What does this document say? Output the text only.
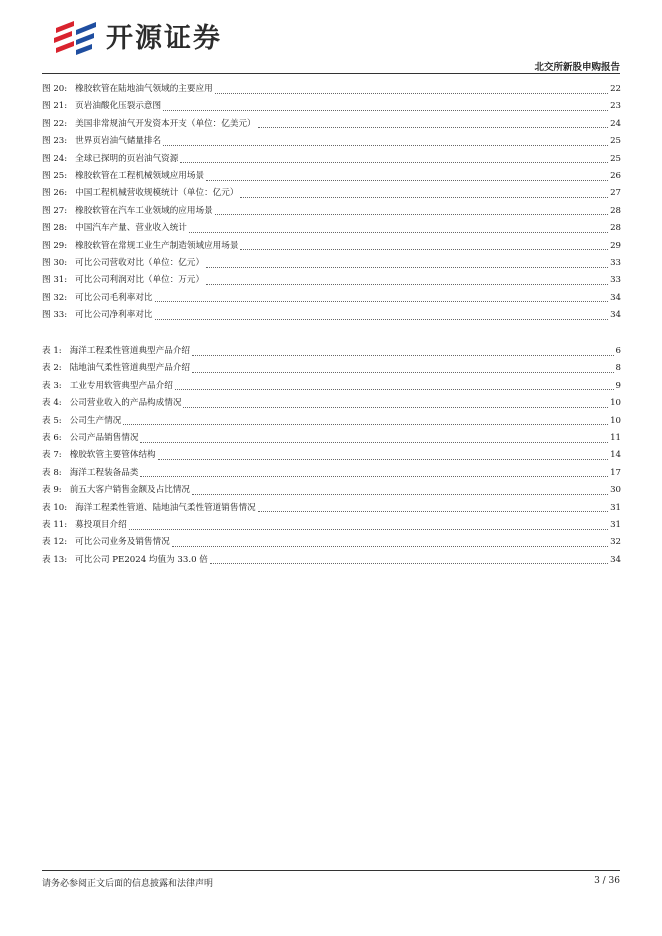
开源证券
北交所新股申购报告
图 20: 橡胶软管在陆地油气领域的主要应用	22
图 21: 页岩油酸化压裂示意图	23
图 22: 美国非常规油气开发资本开支（单位：亿美元）	24
图 23: 世界页岩油气储量排名	25
图 24: 全球已探明的页岩油气资源	25
图 25: 橡胶软管在工程机械领域应用场景	26
图 26: 中国工程机械营收规模统计（单位：亿元）	27
图 27: 橡胶软管在汽车工业领域的应用场景	28
图 28: 中国汽车产量、营业收入统计	28
图 29: 橡胶软管在常规工业生产制造领域应用场景	29
图 30: 可比公司营收对比（单位：亿元）	33
图 31: 可比公司利润对比（单位：万元）	33
图 32: 可比公司毛利率对比	34
图 33: 可比公司净利率对比	34
表 1: 海洋工程柔性管道典型产品介绍	6
表 2: 陆地油气柔性管道典型产品介绍	8
表 3: 工业专用软管典型产品介绍	9
表 4: 公司营业收入的产品构成情况	10
表 5: 公司生产情况	10
表 6: 公司产品销售情况	11
表 7: 橡胶软管主要管体结构	14
表 8: 海洋工程装备品类	17
表 9: 前五大客户销售金额及占比情况	30
表 10: 海洋工程柔性管道、陆地油气柔性管道销售情况	31
表 11: 募投项目介绍	31
表 12: 可比公司业务及销售情况	32
表 13: 可比公司 PE2024 均值为 33.0 倍	34
请务必参阅正文后面的信息披露和法律声明	3 / 36
